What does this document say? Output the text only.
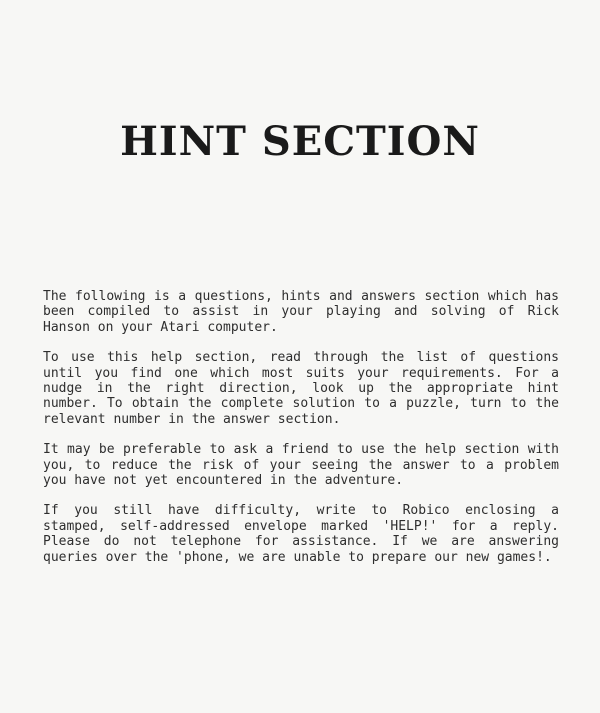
HINT SECTION

The following is a questions, hints and answers section which has been compiled to assist in your playing and solving of Rick Hanson on your Atari computer.

To use this help section, read through the list of questions until you find one which most suits your requirements. For a nudge in the right direction, look up the appropriate hint number. To obtain the complete solution to a puzzle, turn to the relevant number in the answer section.

It may be preferable to ask a friend to use the help section with you, to reduce the risk of your seeing the answer to a problem you have not yet encountered in the adventure.

If you still have difficulty, write to Robico enclosing a stamped, self-addressed envelope marked 'HELP!' for a reply. Please do not telephone for assistance. If we are answering queries over the 'phone, we are unable to prepare our new games!.
